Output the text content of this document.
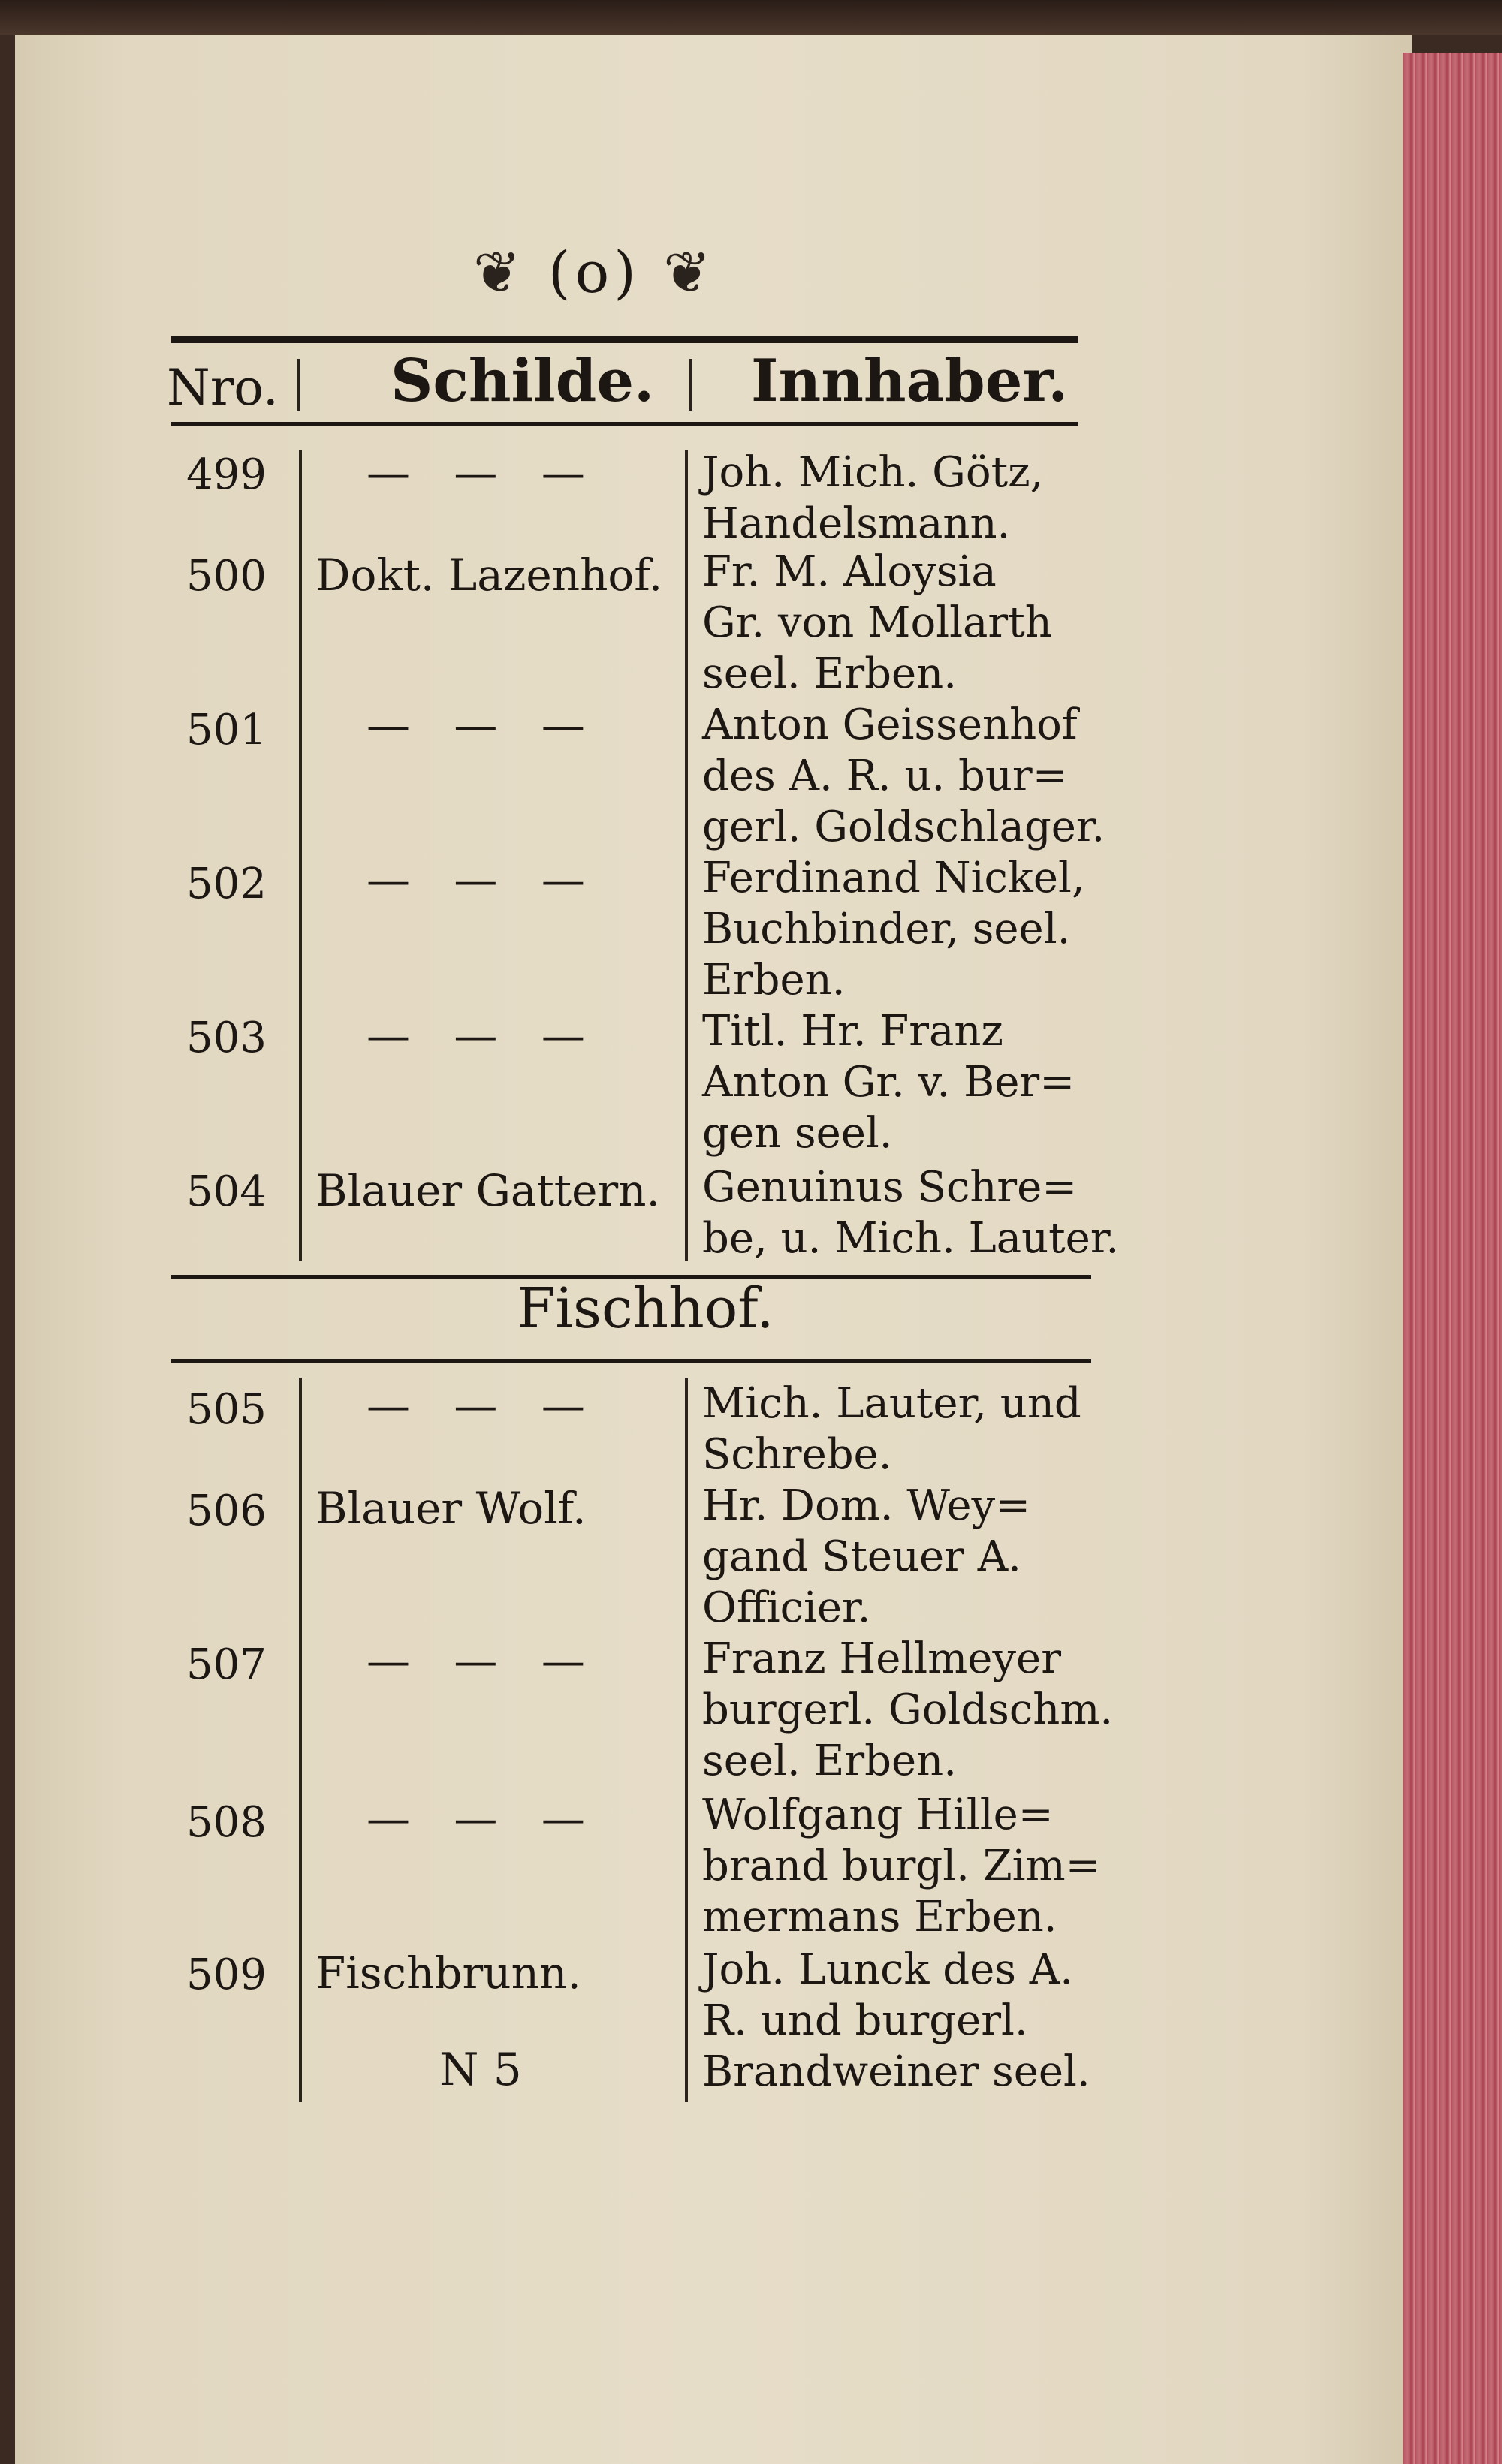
❦ (o) ❦
Nro. Schilde. Innhaber.
499 — — — Joh. Mich. Götz,
Handelsmann.
500 Dokt. Lazenhof. Fr. M. Aloysia
Gr. von Mollarth
seel. Erben.
501 — — — Anton Geissenhof
des A. R. u. bur=
gerl. Goldschlager.
502 — — — Ferdinand Nickel,
Buchbinder, seel.
Erben.
503 — — — Titl. Hr. Franz
Anton Gr. v. Ber=
gen seel.
504 Blauer Gattern. Genuinus Schre=
be, u. Mich. Lauter.
Fischhof.
505 — — — Mich. Lauter, und
Schrebe.
506 Blauer Wolf.	Hr. Dom. Wey=
gand Steuer A.
Officier.
507 — — — Franz Hellmeyer
burgerl. Goldschm.
seel. Erben.
508 — — — Wolfgang Hille=
brand burgl. Zim=
mermans Erben.
509 Fischbrunn.	Joh. Lunck des A.
R. und burgerl.
Brandweiner seel.
N 5
